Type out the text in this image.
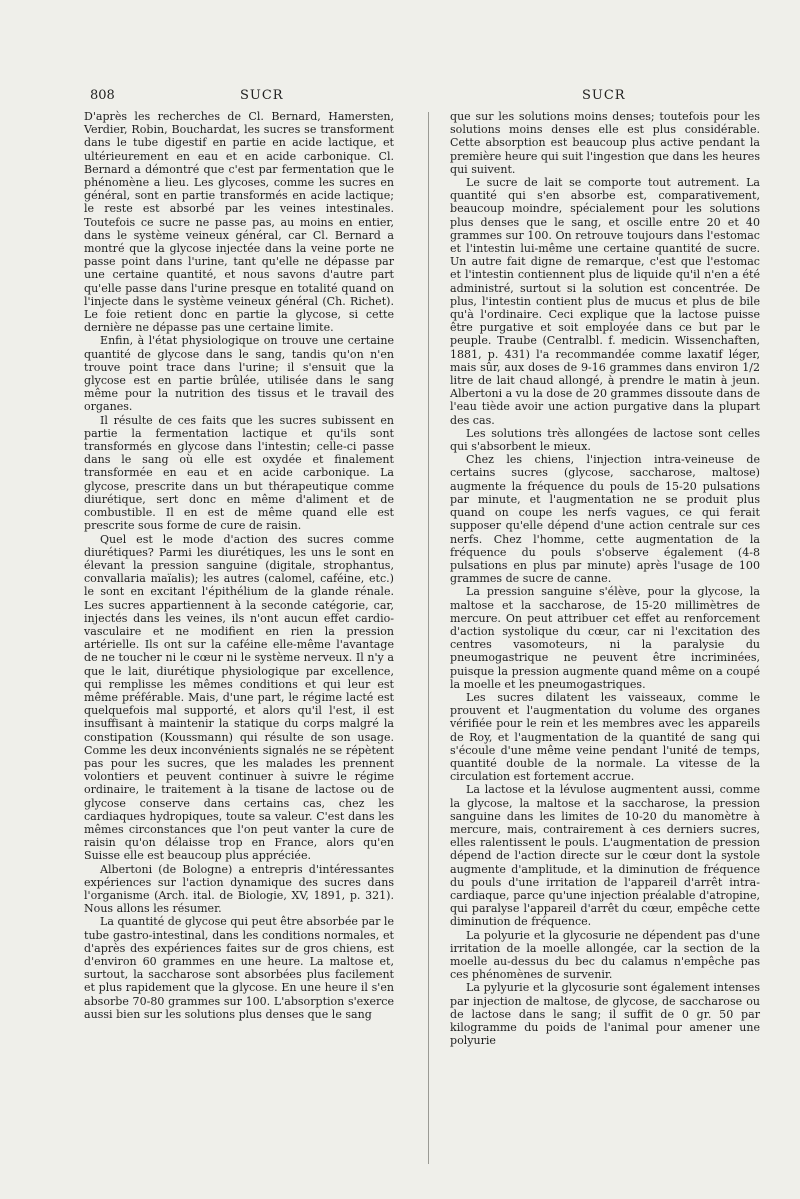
808	SUCR	SUCR

D'après les recherches de Cl. Bernard, Hamersten, Verdier, Robin, Bouchardat, les sucres se transforment dans le tube digestif en partie en acide lactique, et ultérieurement en eau et en acide carbonique. Cl. Bernard a démontré que c'est par fermentation que le phénomène a lieu. Les glycoses, comme les sucres en général, sont en partie transformés en acide lactique; le reste est absorbé par les veines intestinales. Toutefois ce sucre ne passe pas, au moins en entier, dans le système veineux général, car Cl. Bernard a montré que la glycose injectée dans la veine porte ne passe point dans l'urine, tant qu'elle ne dépasse par une certaine quantité, et nous savons d'autre part qu'elle passe dans l'urine presque en totalité quand on l'injecte dans le système veineux général (Ch. Richet). Le foie retient donc en partie la glycose, si cette dernière ne dépasse pas une certaine limite.

Enfin, à l'état physiologique on trouve une certaine quantité de glycose dans le sang, tandis qu'on n'en trouve point trace dans l'urine; il s'ensuit que la glycose est en partie brûlée, utilisée dans le sang même pour la nutrition des tissus et le travail des organes.

Il résulte de ces faits que les sucres subissent en partie la fermentation lactique et qu'ils sont transformés en glycose dans l'intestin; celle-ci passe dans le sang où elle est oxydée et finalement transformée en eau et en acide carbonique. La glycose, prescrite dans un but thérapeutique comme diurétique, sert donc en même d'aliment et de combustible. Il en est de même quand elle est prescrite sous forme de cure de raisin.

Quel est le mode d'action des sucres comme diurétiques? Parmi les diurétiques, les uns le sont en élevant la pression sanguine (digitale, strophantus, convallaria maïalis); les autres (calomel, caféine, etc.) le sont en excitant l'épithélium de la glande rénale. Les sucres appartiennent à la seconde catégorie, car, injectés dans les veines, ils n'ont aucun effet cardio-vasculaire et ne modifient en rien la pression artérielle. Ils ont sur la caféine elle-même l'avantage de ne toucher ni le cœur ni le système nerveux. Il n'y a que le lait, diurétique physiologique par excellence, qui remplisse les mêmes conditions et qui leur est même préférable. Mais, d'une part, le régime lacté est quelquefois mal supporté, et alors qu'il l'est, il est insuffisant à maintenir la statique du corps malgré la constipation (Koussmann) qui résulte de son usage. Comme les deux inconvénients signalés ne se répètent pas pour les sucres, que les malades les prennent volontiers et peuvent continuer à suivre le régime ordinaire, le traitement à la tisane de lactose ou de glycose conserve dans certains cas, chez les cardiaques hydropiques, toute sa valeur. C'est dans les mêmes circonstances que l'on peut vanter la cure de raisin qu'on délaisse trop en France, alors qu'en Suisse elle est beaucoup plus appréciée.

Albertoni (de Bologne) a entrepris d'intéressantes expériences sur l'action dynamique des sucres dans l'organisme (Arch. ital. de Biologie, XV, 1891, p. 321). Nous allons les résumer.

La quantité de glycose qui peut être absorbée par le tube gastro-intestinal, dans les conditions normales, et d'après des expériences faites sur de gros chiens, est d'environ 60 grammes en une heure. La maltose et, surtout, la saccharose sont absorbées plus facilement et plus rapidement que la glycose. En une heure il s'en absorbe 70-80 grammes sur 100. L'absorption s'exerce aussi bien sur les solutions plus denses que le sang

que sur les solutions moins denses; toutefois pour les solutions moins denses elle est plus considérable. Cette absorption est beaucoup plus active pendant la première heure qui suit l'ingestion que dans les heures qui suivent.

Le sucre de lait se comporte tout autrement. La quantité qui s'en absorbe est, comparativement, beaucoup moindre, spécialement pour les solutions plus denses que le sang, et oscille entre 20 et 40 grammes sur 100. On retrouve toujours dans l'estomac et l'intestin lui-même une certaine quantité de sucre. Un autre fait digne de remarque, c'est que l'estomac et l'intestin contiennent plus de liquide qu'il n'en a été administré, surtout si la solution est concentrée. De plus, l'intestin contient plus de mucus et plus de bile qu'à l'ordinaire. Ceci explique que la lactose puisse être purgative et soit employée dans ce but par le peuple. Traube (Centralbl. f. medicin. Wissenchaften, 1881, p. 431) l'a recommandée comme laxatif léger, mais sûr, aux doses de 9-16 grammes dans environ 1/2 litre de lait chaud allongé, à prendre le matin à jeun. Albertoni a vu la dose de 20 grammes dissoute dans de l'eau tiède avoir une action purgative dans la plupart des cas.

Les solutions très allongées de lactose sont celles qui s'absorbent le mieux.

Chez les chiens, l'injection intra-veineuse de certains sucres (glycose, saccharose, maltose) augmente la fréquence du pouls de 15-20 pulsations par minute, et l'augmentation ne se produit plus quand on coupe les nerfs vagues, ce qui ferait supposer qu'elle dépend d'une action centrale sur ces nerfs. Chez l'homme, cette augmentation de la fréquence du pouls s'observe également (4-8 pulsations en plus par minute) après l'usage de 100 grammes de sucre de canne.

La pression sanguine s'élève, pour la glycose, la maltose et la saccharose, de 15-20 millimètres de mercure. On peut attribuer cet effet au renforcement d'action systolique du cœur, car ni l'excitation des centres vasomoteurs, ni la paralysie du pneumogastrique ne peuvent être incriminées, puisque la pression augmente quand même on a coupé la moelle et les pneumogastriques.

Les sucres dilatent les vaisseaux, comme le prouvent et l'augmentation du volume des organes vérifiée pour le rein et les membres avec les appareils de Roy, et l'augmentation de la quantité de sang qui s'écoule d'une même veine pendant l'unité de temps, quantité double de la normale. La vitesse de la circulation est fortement accrue.

La lactose et la lévulose augmentent aussi, comme la glycose, la maltose et la saccharose, la pression sanguine dans les limites de 10-20 du manomètre à mercure, mais, contrairement à ces derniers sucres, elles ralentissent le pouls. L'augmentation de pression dépend de l'action directe sur le cœur dont la systole augmente d'amplitude, et la diminution de fréquence du pouls d'une irritation de l'appareil d'arrêt intra-cardiaque, parce qu'une injection préalable d'atropine, qui paralyse l'appareil d'arrêt du cœur, empêche cette diminution de fréquence.

La polyurie et la glycosurie ne dépendent pas d'une irritation de la moelle allongée, car la section de la moelle au-dessus du bec du calamus n'empêche pas ces phénomènes de survenir.

La pylyurie et la glycosurie sont également intenses par injection de maltose, de glycose, de saccharose ou de lactose dans le sang; il suffit de 0 gr. 50 par kilogramme du poids de l'animal pour amener une polyurie
